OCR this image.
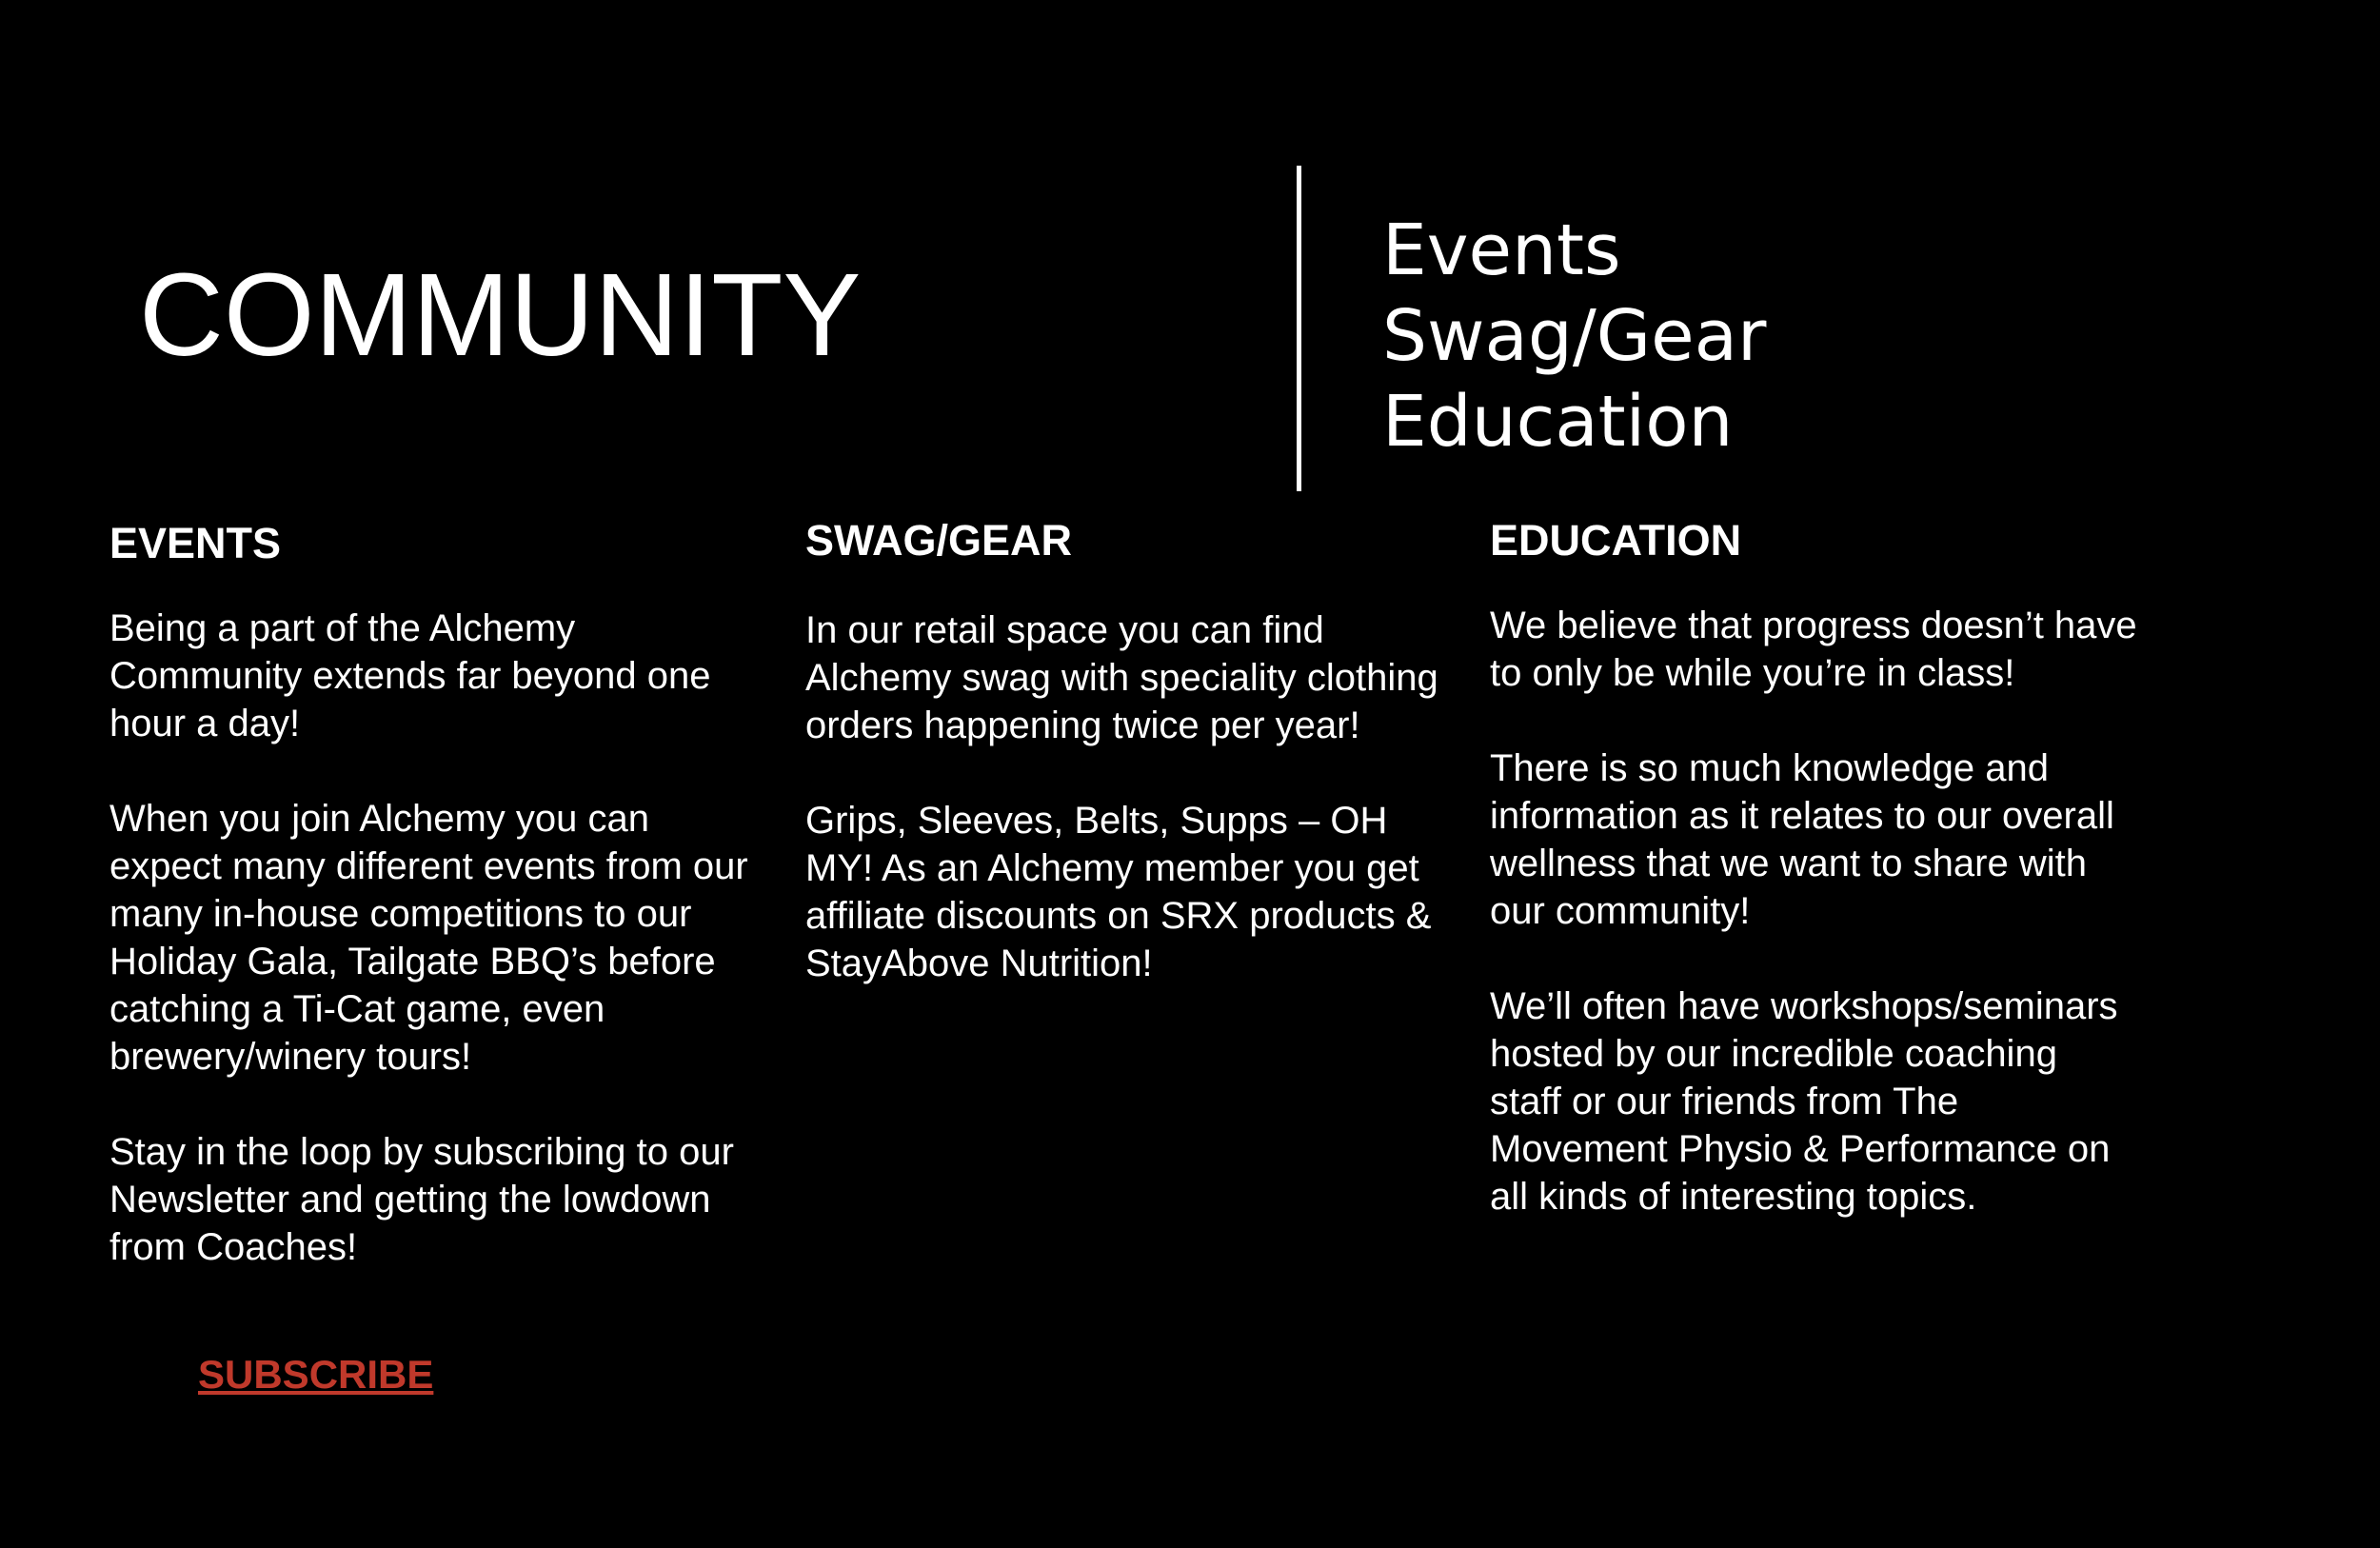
COMMUNITY	Events
Swag/Gear
Education
EVENTS

Being a part of the Alchemy Community extends far beyond one hour a day!

When you join Alchemy you can expect many different events from our many in-house competitions to our Holiday Gala, Tailgate BBQ’s before catching a Ti-Cat game, even brewery/winery tours!

Stay in the loop by subscribing to our Newsletter and getting the lowdown from Coaches!

SWAG/GEAR

In our retail space you can find Alchemy swag with speciality clothing orders happening twice per year!

Grips, Sleeves, Belts, Supps – OH MY! As an Alchemy member you get affiliate discounts on SRX products & StayAbove Nutrition!

EDUCATION

We believe that progress doesn’t have to only be while you’re in class!

There is so much knowledge and information as it relates to our overall wellness that we want to share with our community!

We’ll often have workshops/seminars hosted by our incredible coaching staff or our friends from The Movement Physio & Performance on all kinds of interesting topics.

SUBSCRIBE
